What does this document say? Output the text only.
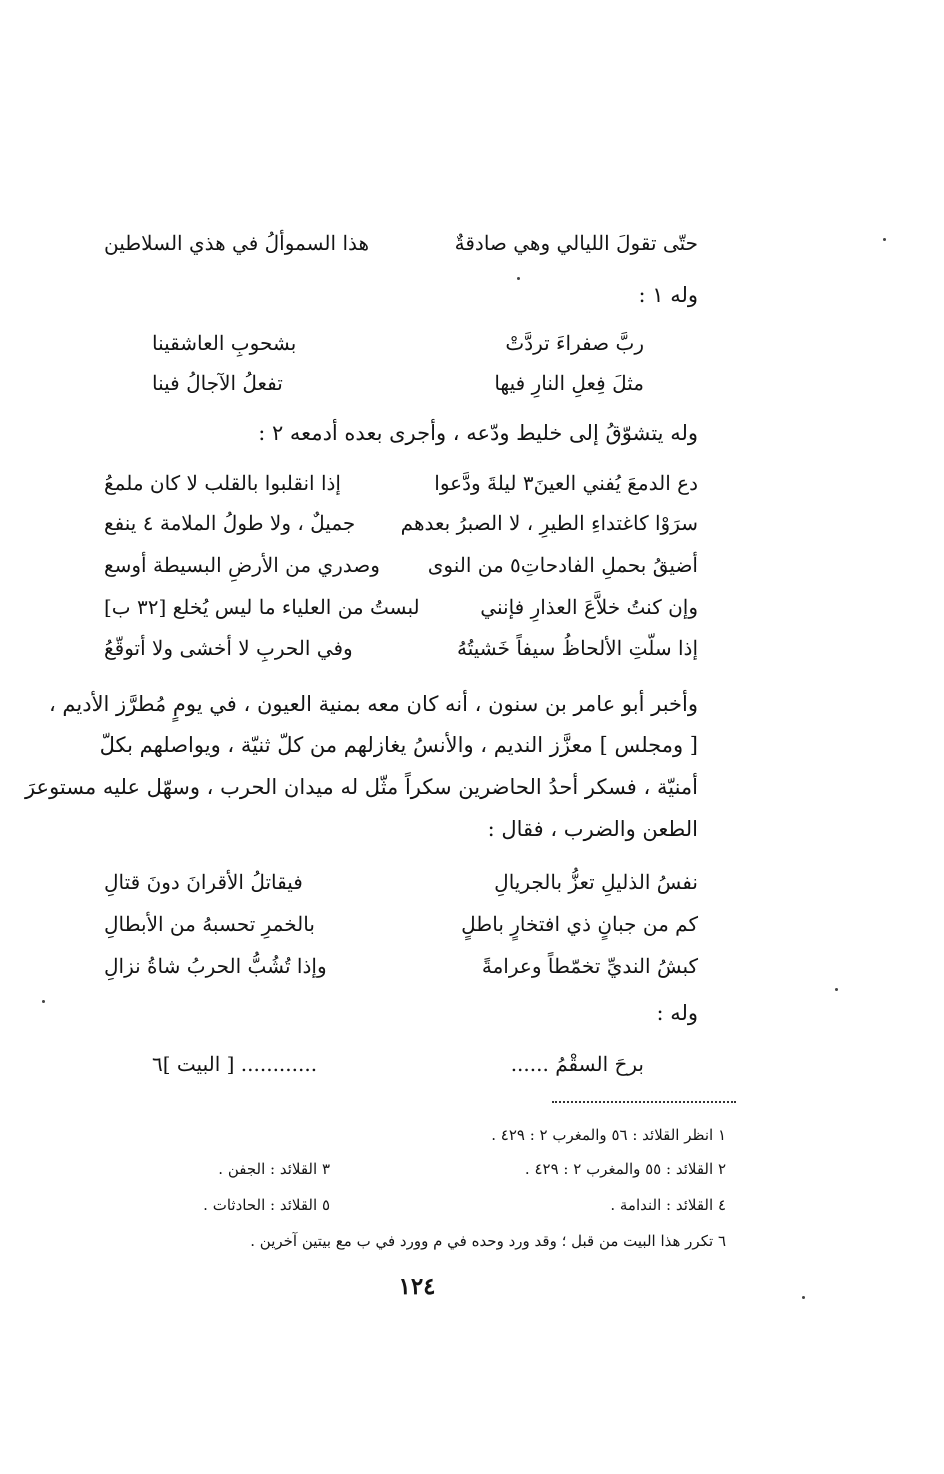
حتّى تقولَ الليالي وهي صادقةٌ
هذا السموألُ في هذي السلاطين
وله ١ :
ربَّ صفراءَ تردَّتْ
بشحوبِ العاشقينا
مثلَ فِعلِ النارِ فيها
تفعلُ الآجالُ فينا
وله يتشوّقُ إلى خليط ودّعه ، وأجرى بعده أدمعه ٢ :
دع الدمعَ يُفني العينَ٣ ليلةَ ودَّعوا
إذا انقلبوا بالقلب لا كان ملمعُ
سرَوْا كاغتداءِ الطيرِ ، لا الصبرُ بعدهم
جميلٌ ، ولا طولُ الملامة ٤ ينفع
أضيقُ بحملِ الفادحاتِ٥ من النوى
وصدري من الأرضِ البسيطة أوسع
وإن كنتُ خلاَّعَ العذارِ فإنني
لبستُ من العلياء ما ليس يُخلع [٣٢ ب]
إذا سلّتِ الألحاظُ سيفاً خَشيتُهُ
وفي الحربِ لا أخشى ولا أتوقّعُ
وأخبر أبو عامر بن سنون ، أنه كان معه بمنية العيون ، في يومٍ مُطرَّز الأديم ،
[ ومجلس ] معزَّز النديم ، والأنسُ يغازلهم من كلّ ثنيّة ، ويواصلهم بكلّ
أمنيّة ، فسكر أحدُ الحاضرين سكراً مثّل له ميدان الحرب ، وسهّل عليه مستوعرَ
الطعن والضرب ، فقال :
نفسُ الذليلِ تعزُّ بالجريالِ
فيقاتلُ الأقرانَ دونَ قتالِ
كم من جبانٍ ذي افتخارٍ باطلٍ
بالخمرِ تحسبهُ من الأبطالِ
كبشُ النديِّ تخمّطاً وعرامةً
وإذا تُشُبُّ الحربُ شاةُ نزالِ
وله :
برحَ السقْمُ ......
............ [ البيت ]٦
١ انظر القلائد : ٥٦ والمغرب ٢ : ٤٢٩ .
٢ القلائد : ٥٥ والمغرب ٢ : ٤٢٩ .
٣ القلائد : الجفن .
٤ القلائد : الندامة .
٥ القلائد : الحادثات .
٦ تكرر هذا البيت من قبل ؛ وقد ورد وحده في م وورد في ب مع بيتين آخرين .
١٢٤
